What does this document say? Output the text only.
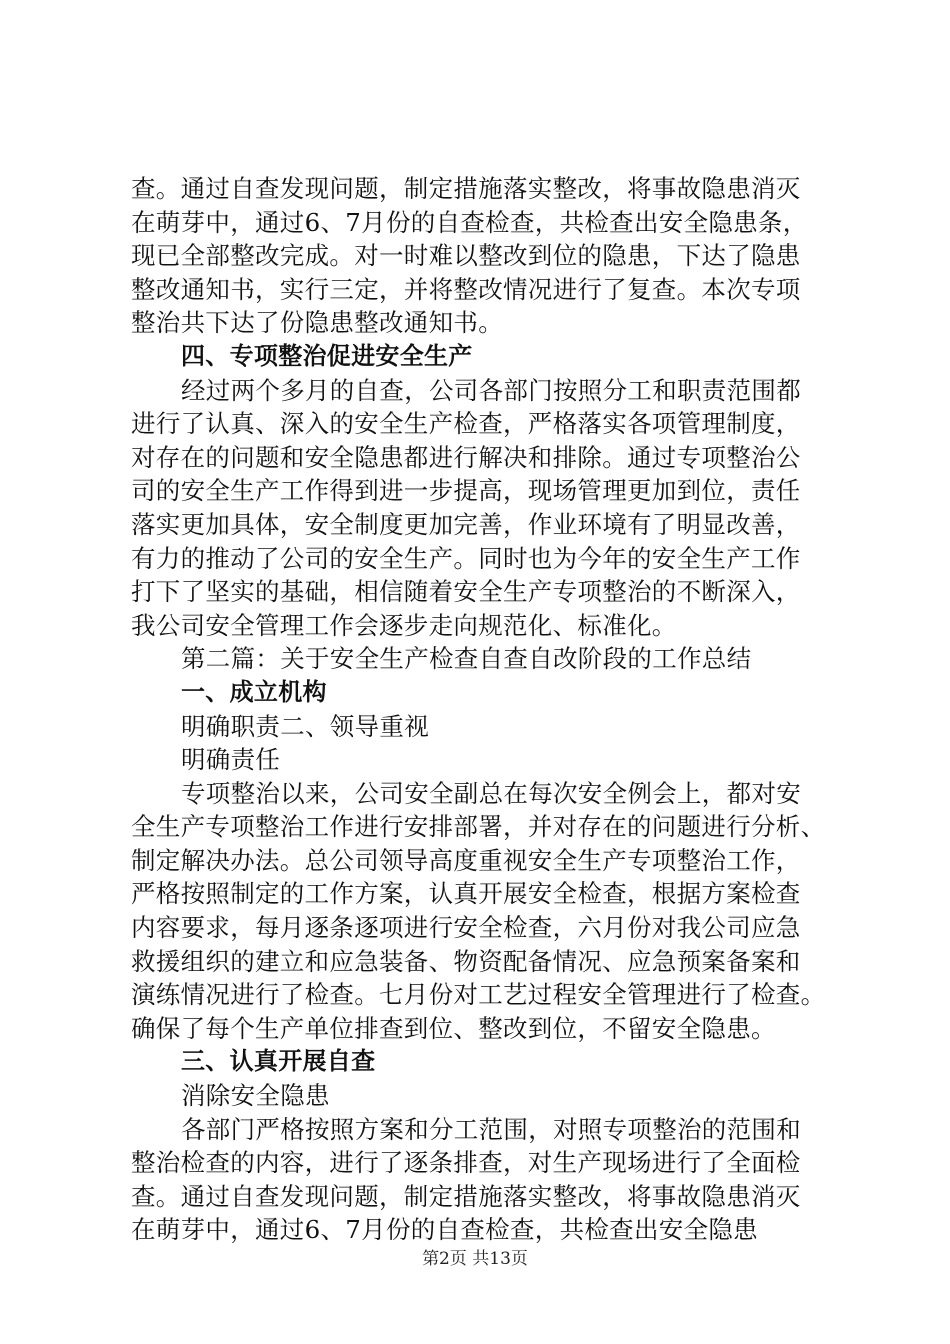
查。通过自查发现问题，制定措施落实整改，将事故隐患消灭
在萌芽中，通过6、7月份的自查检查，共检查出安全隐患条，
现已全部整改完成。对一时难以整改到位的隐患，下达了隐患
整改通知书，实行三定，并将整改情况进行了复查。本次专项
整治共下达了份隐患整改通知书。
四、专项整治促进安全生产
经过两个多月的自查，公司各部门按照分工和职责范围都
进行了认真、深入的安全生产检查，严格落实各项管理制度，
对存在的问题和安全隐患都进行解决和排除。通过专项整治公
司的安全生产工作得到进一步提高，现场管理更加到位，责任
落实更加具体，安全制度更加完善，作业环境有了明显改善，
有力的推动了公司的安全生产。同时也为今年的安全生产工作
打下了坚实的基础，相信随着安全生产专项整治的不断深入，
我公司安全管理工作会逐步走向规范化、标准化。
第二篇：关于安全生产检查自查自改阶段的工作总结
一、成立机构
明确职责二、领导重视
明确责任
专项整治以来，公司安全副总在每次安全例会上，都对安
全生产专项整治工作进行安排部署，并对存在的问题进行分析、
制定解决办法。总公司领导高度重视安全生产专项整治工作，
严格按照制定的工作方案，认真开展安全检查，根据方案检查
内容要求，每月逐条逐项进行安全检查，六月份对我公司应急
救援组织的建立和应急装备、物资配备情况、应急预案备案和
演练情况进行了检查。七月份对工艺过程安全管理进行了检查。
确保了每个生产单位排查到位、整改到位，不留安全隐患。
三、认真开展自查
消除安全隐患
各部门严格按照方案和分工范围，对照专项整治的范围和
整治检查的内容，进行了逐条排查，对生产现场进行了全面检
查。通过自查发现问题，制定措施落实整改，将事故隐患消灭
在萌芽中，通过6、7月份的自查检查，共检查出安全隐患
第2页 共13页
